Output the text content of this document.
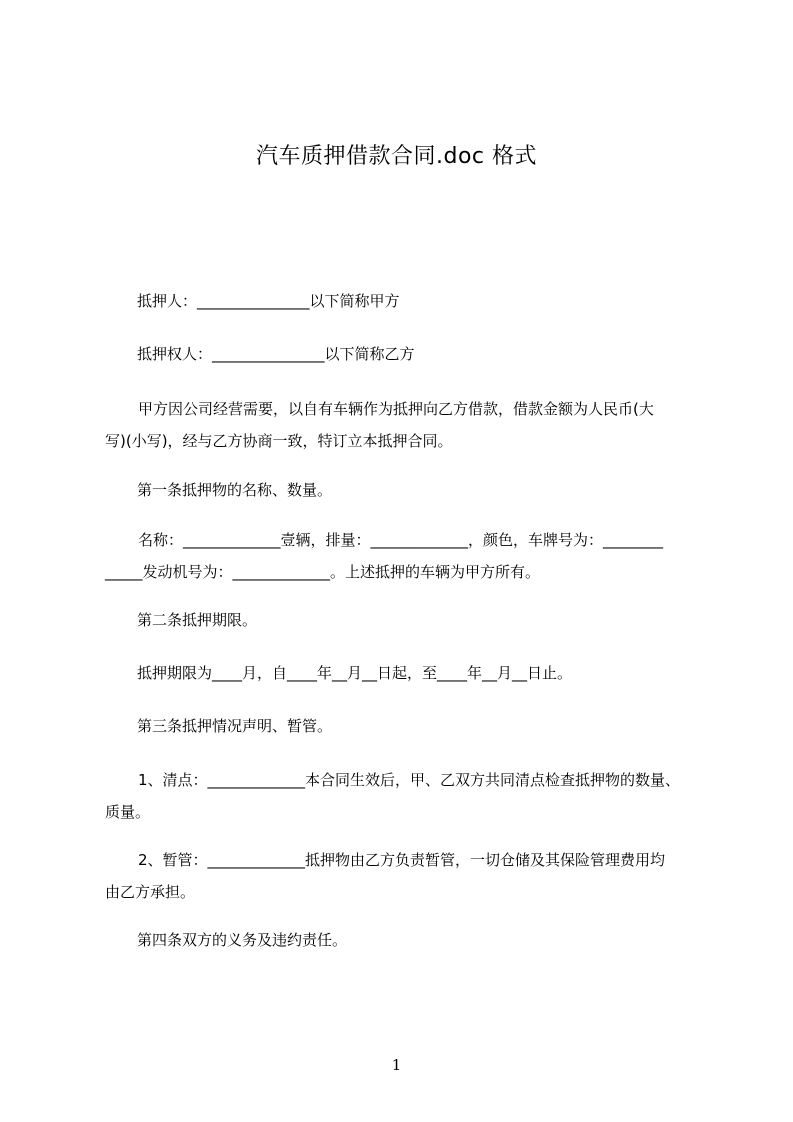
汽车质押借款合同.doc 格式
抵押人：_______________以下简称甲方
抵押权人：_______________以下简称乙方
甲方因公司经营需要，以自有车辆作为抵押向乙方借款，借款金额为人民币(大
写)(小写)，经与乙方协商一致，特订立本抵押合同。
第一条抵押物的名称、数量。
名称：_____________壹辆，排量：_____________，颜色，车牌号为：________
_____发动机号为：_____________。上述抵押的车辆为甲方所有。
第二条抵押期限。
抵押期限为____月，自____年__月__日起，至____年__月__日止。
第三条抵押情况声明、暂管。
1、清点：_____________本合同生效后，甲、乙双方共同清点检查抵押物的数量、
质量。
2、暂管：_____________抵押物由乙方负责暂管，一切仓储及其保险管理费用均
由乙方承担。
第四条双方的义务及违约责任。
1
